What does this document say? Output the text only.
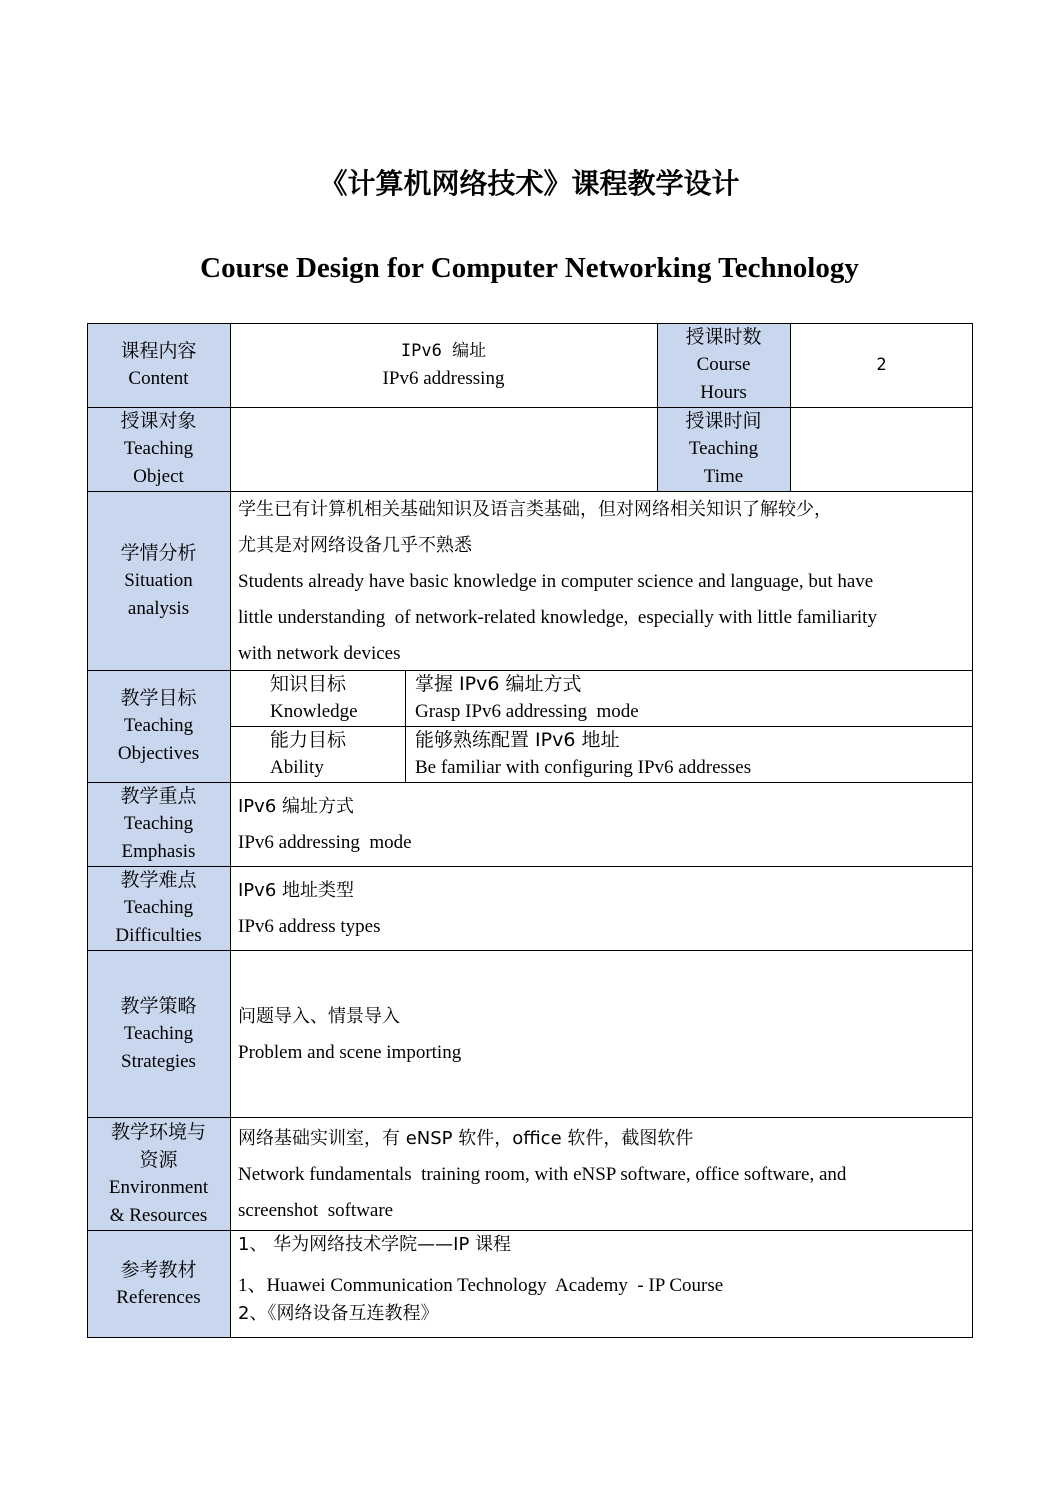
《计算机网络技术》课程教学设计
Course Design for Computer Networking Technology
课程内容
Content
IPv6 编址
IPv6 addressing
授课时数
Course
Hours
2
授课对象
Teaching
Object
授课时间
Teaching
Time
学情分析
Situation
analysis
学生已有计算机相关基础知识及语言类基础，但对网络相关知识了解较少，
尤其是对网络设备几乎不熟悉
Students already have basic knowledge in computer science and language, but have
little understanding  of network-related knowledge,  especially with little familiarity
with network devices
教学目标
Teaching
Objectives
知识目标
Knowledge
掌握 IPv6 编址方式
Grasp IPv6 addressing  mode
能力目标
Ability
能够熟练配置 IPv6 地址
Be familiar with configuring IPv6 addresses
教学重点
Teaching
Emphasis
IPv6 编址方式
IPv6 addressing  mode
教学难点
Teaching
Difficulties
IPv6 地址类型
IPv6 address types
教学策略
Teaching
Strategies
问题导入、情景导入
Problem and scene importing
教学环境与
资源
Environment
& Resources
网络基础实训室，有 eNSP 软件，office 软件，截图软件
Network fundamentals  training room, with eNSP software, office software, and
screenshot  software
参考教材
References
1、 华为网络技术学院——IP 课程
1、Huawei Communication Technology  Academy  - IP Course
2、《网络设备互连教程》
